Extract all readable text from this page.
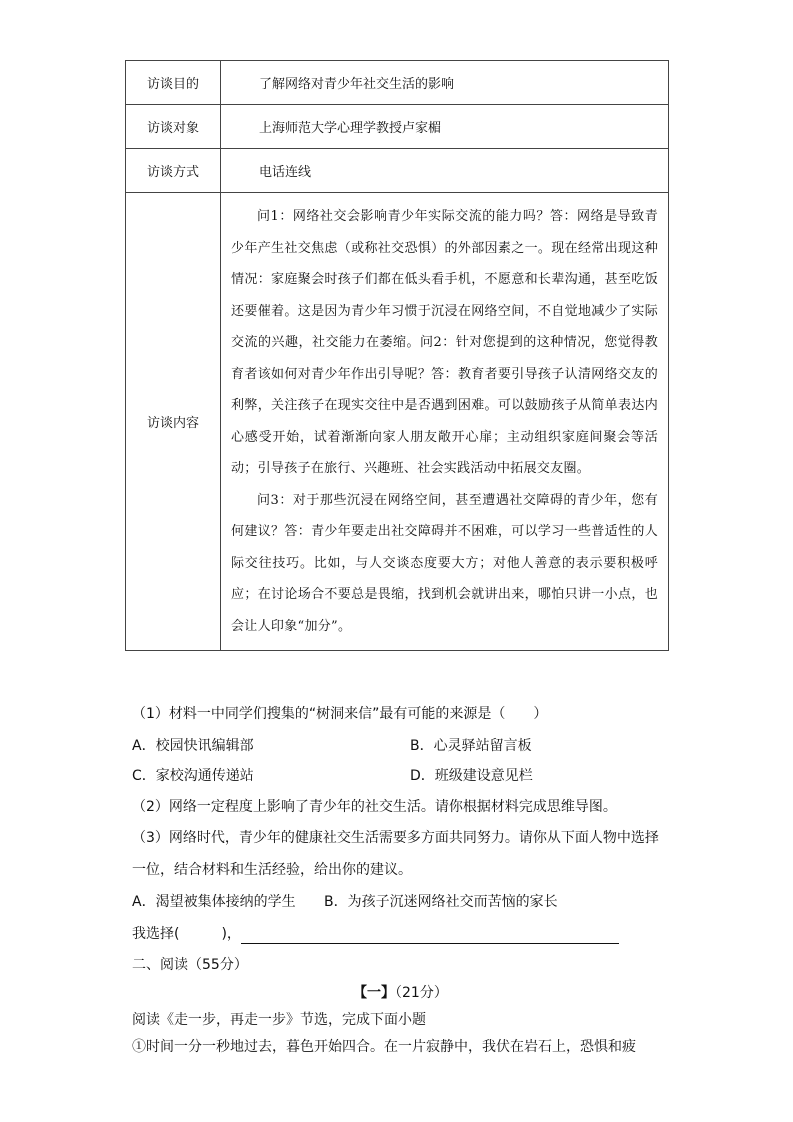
访谈目的	了解网络对青少年社交生活的影响
访谈对象	上海师范大学心理学教授卢家楣
访谈方式	电话连线
访谈内容	问1：网络社交会影响青少年实际交流的能力吗？答：网络是导致青少年产生社交焦虑（或称社交恐惧）的外部因素之一。现在经常出现这种情况：家庭聚会时孩子们都在低头看手机，不愿意和长辈沟通，甚至吃饭还要催着。这是因为青少年习惯于沉浸在网络空间，不自觉地减少了实际交流的兴趣，社交能力在萎缩。问2：针对您提到的这种情况，您觉得教育者该如何对青少年作出引导呢？答：教育者要引导孩子认清网络交友的利弊，关注孩子在现实交往中是否遇到困难。可以鼓励孩子从简单表达内心感受开始，试着渐渐向家人朋友敞开心扉；主动组织家庭间聚会等活动；引导孩子在旅行、兴趣班、社会实践活动中拓展交友圈。

问3：对于那些沉浸在网络空间，甚至遭遇社交障碍的青少年，您有何建议？答：青少年要走出社交障碍并不困难，可以学习一些普适性的人际交往技巧。比如，与人交谈态度要大方；对他人善意的表示要积极呼应；在讨论场合不要总是畏缩，找到机会就讲出来，哪怕只讲一小点，也会让人印象“加分”。

（1）材料一中同学们搜集的“树洞来信”最有可能的来源是（　　）
A．校园快讯编辑部	B．心灵驿站留言板
C．家校沟通传递站	D．班级建设意见栏
（2）网络一定程度上影响了青少年的社交生活。请你根据材料完成思维导图。
（3）网络时代，青少年的健康社交生活需要多方面共同努力。请你从下面人物中选择
一位，结合材料和生活经验，给出你的建议。
A．渴望被集体接纳的学生 B．为孩子沉迷网络社交而苦恼的家长
我选择(　　　)，
二、阅读（55分）
【一】（21分）
阅读《走一步，再走一步》节选，完成下面小题
①时间一分一秒地过去，暮色开始四合。在一片寂静中，我伏在岩石上，恐惧和疲
